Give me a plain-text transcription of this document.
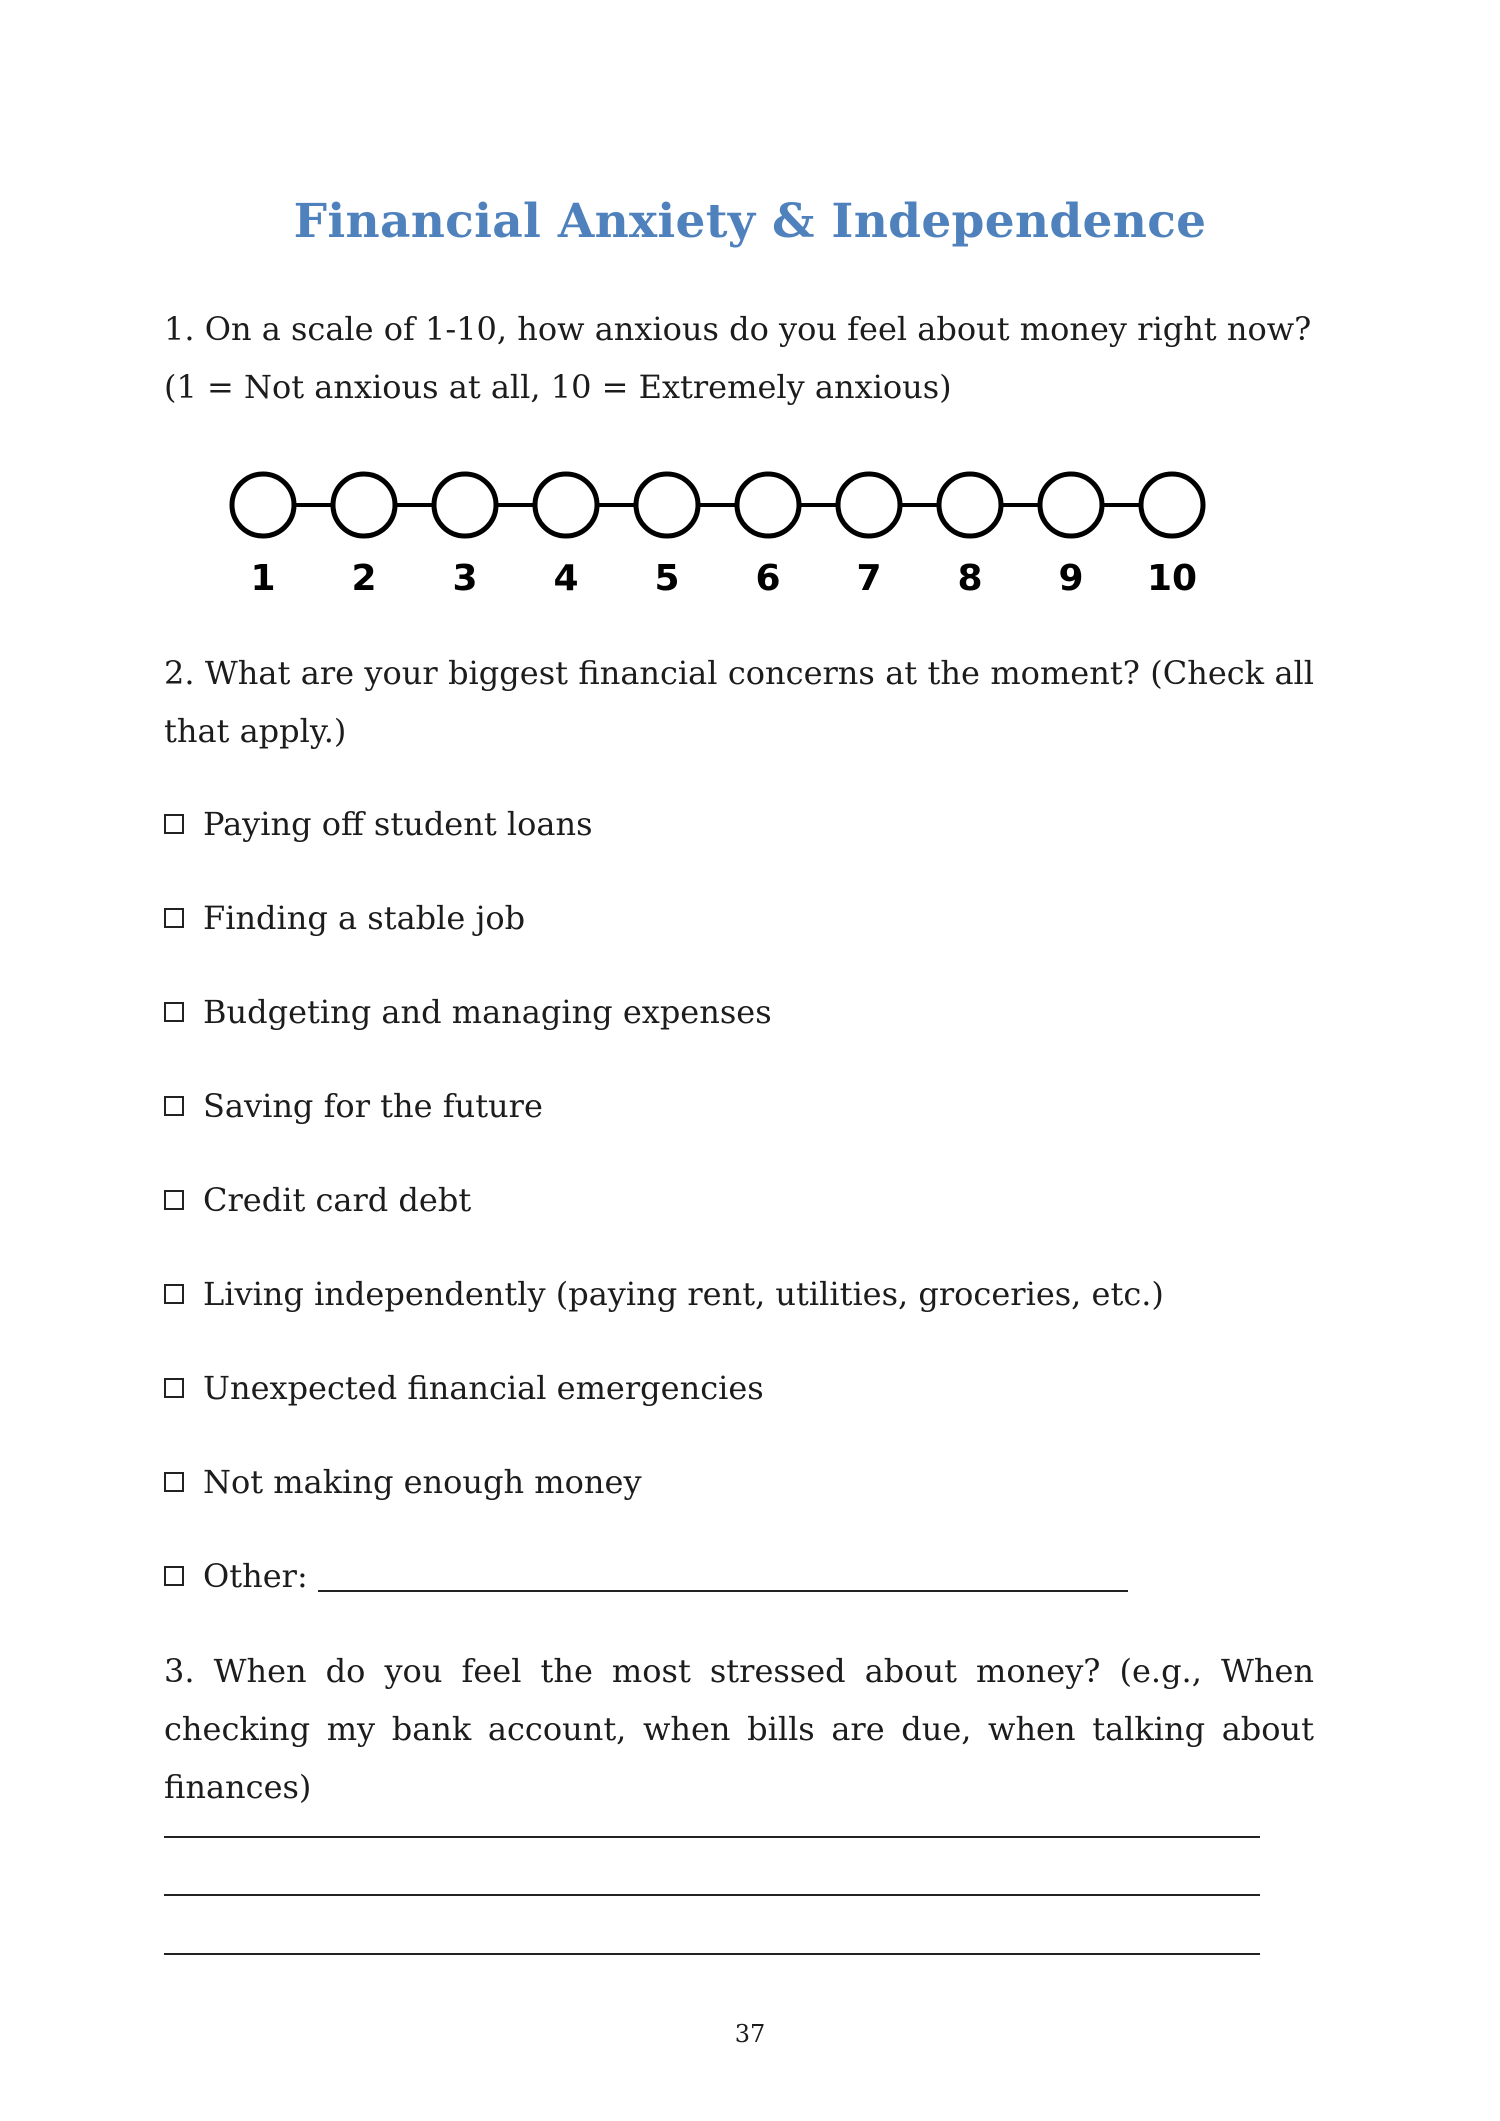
Financial Anxiety & Independence

1. On a scale of 1-10, how anxious do you feel about money right now?

(1 = Not anxious at all, 10 = Extremely anxious)

1 2 3 4 5 6 7 8 9 10

2. What are your biggest financial concerns at the moment? (Check all that apply.)

Paying off student loans
Finding a stable job
Budgeting and managing expenses
Saving for the future
Credit card debt
Living independently (paying rent, utilities, groceries, etc.)
Unexpected financial emergencies
Not making enough money
Other:

3. When do you feel the most stressed about money? (e.g., When checking my bank account, when bills are due, when talking about finances)

37
